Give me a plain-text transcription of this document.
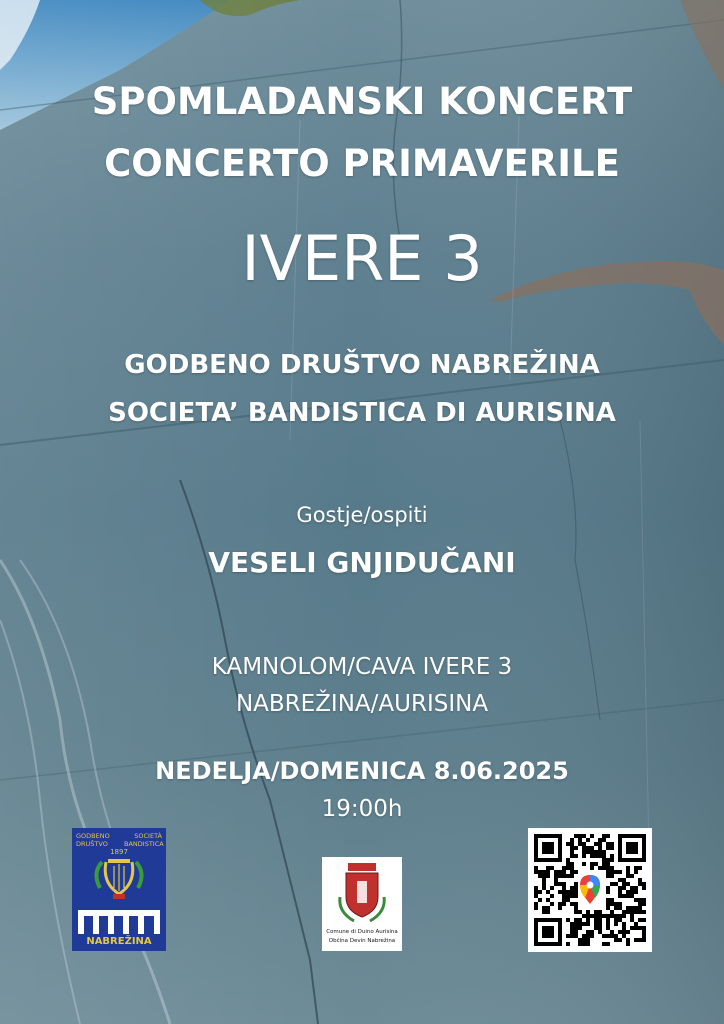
SPOMLADANSKI KONCERT
CONCERTO PRIMAVERILE
IVERE 3
GODBENO DRUŠTVO NABREŽINA
SOCIETA’ BANDISTICA DI AURISINA
Gostje/ospiti
VESELI GNJIDUČANI
KAMNOLOM/CAVA IVERE 3
NABREŽINA/AURISINA
NEDELJA/DOMENICA 8.06.2025
19:00h
GODBENO DRUŠTVO
SOCIETÀ BANDISTICA
1897
NABREŽINA
Comune di Duino Aurisina
Občina Devin Nabrežina
